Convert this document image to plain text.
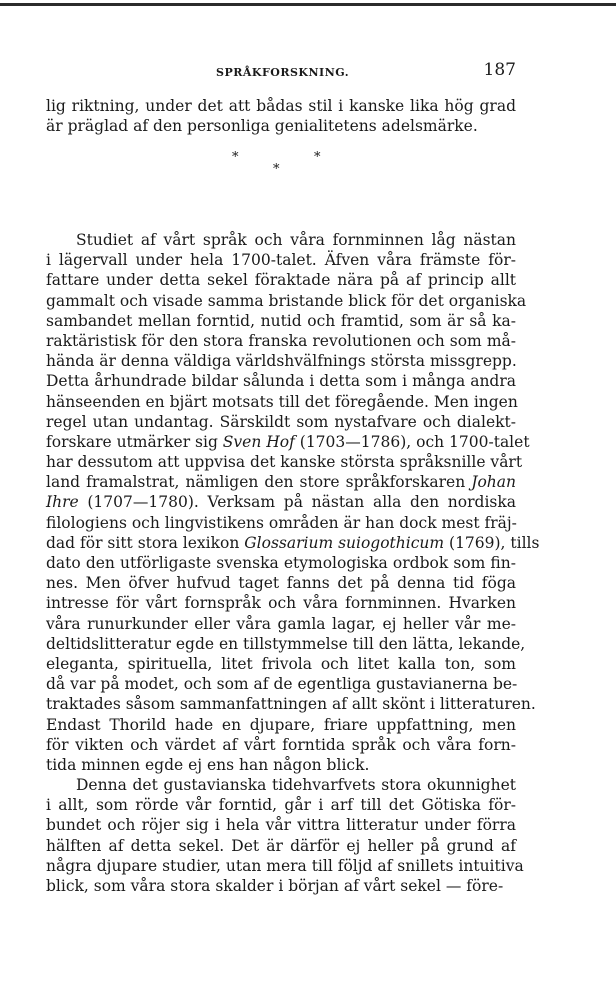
SPRÅKFORSKNING.	187
lig riktning, under det att bådas stil i kanske lika hög grad
är präglad af den personliga genialitetens adelsmärke.
*	*
*
Studiet af vårt språk och våra fornminnen låg nästan
i lägervall under hela 1700-talet. Äfven våra främste för-
fattare under detta sekel föraktade nära på af princip allt
gammalt och visade samma bristande blick för det organiska
sambandet mellan forntid, nutid och framtid, som är så ka-
raktäristisk för den stora franska revolutionen och som må-
hända är denna väldiga världshvälfnings största missgrepp.
Detta århundrade bildar sålunda i detta som i många andra
hänseenden en bjärt motsats till det föregående. Men ingen
regel utan undantag. Särskildt som nystafvare och dialekt-
forskare utmärker sig Sven Hof (1703—1786), och 1700-talet
har dessutom att uppvisa det kanske största språksnille vårt
land framalstrat, nämligen den store språkforskaren Johan
Ihre (1707—1780). Verksam på nästan alla den nordiska
filologiens och lingvistikens områden är han dock mest fräj-
dad för sitt stora lexikon Glossarium suiogothicum (1769), tills
dato den utförligaste svenska etymologiska ordbok som fin-
nes. Men öfver hufvud taget fanns det på denna tid föga
intresse för vårt fornspråk och våra fornminnen. Hvarken
våra runurkunder eller våra gamla lagar, ej heller vår me-
deltidslitteratur egde en tillstymmelse till den lätta, lekande,
eleganta, spirituella, litet frivola och litet kalla ton, som
då var på modet, och som af de egentliga gustavianerna be-
traktades såsom sammanfattningen af allt skönt i litteraturen.
Endast Thorild hade en djupare, friare uppfattning, men
för vikten och värdet af vårt forntida språk och våra forn-
tida minnen egde ej ens han någon blick.
Denna det gustavianska tidehvarfvets stora okunnighet
i allt, som rörde vår forntid, går i arf till det Götiska för-
bundet och röjer sig i hela vår vittra litteratur under förra
hälften af detta sekel. Det är därför ej heller på grund af
några djupare studier, utan mera till följd af snillets intuitiva
blick, som våra stora skalder i början af vårt sekel — före-
